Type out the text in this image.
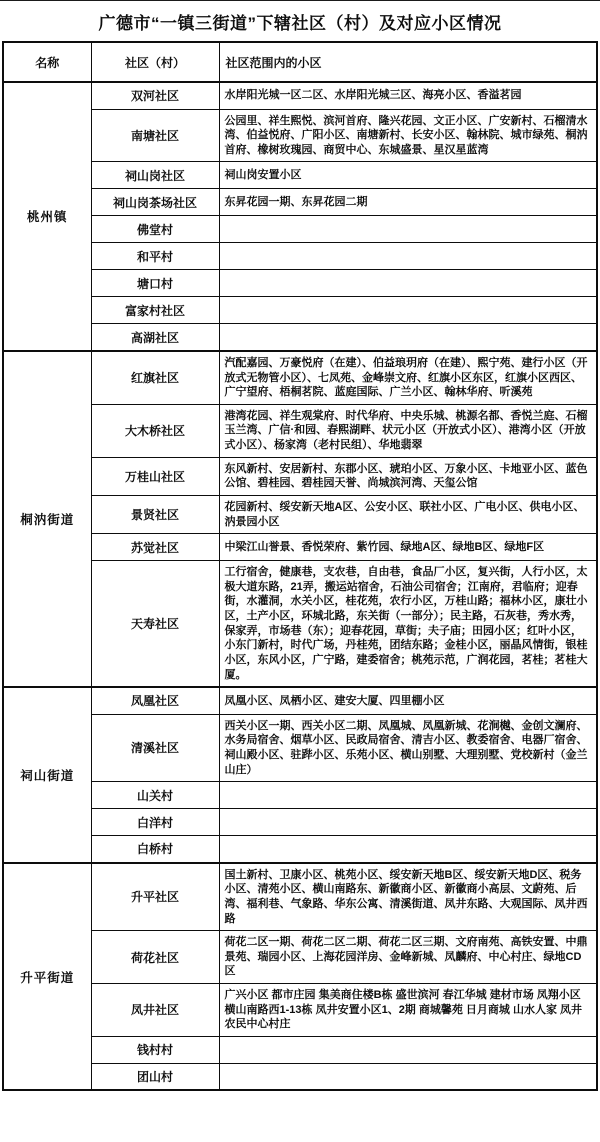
广德市“一镇三街道”下辖社区（村）及对应小区情况
名称	社区（村）	社区范围内的小区
桃州镇	双河社区	水岸阳光城一区二区、水岸阳光城三区、海亮小区、香溢茗园
	南塘社区	公园里、祥生熙悦、滨河首府、隆兴花园、文正小区、广安新村、石榴清水湾、伯益悦府、广阳小区、南塘新村、长安小区、翰林院、城市绿苑、桐汭首府、橡树玫瑰园、商贸中心、东城盛景、星汉星蓝湾
	祠山岗社区	祠山岗安置小区
	祠山岗茶场社区	东昇花园一期、东昇花园二期
	佛堂村	
	和平村	
	塘口村	
	富家村社区	
	高湖社区	
桐汭街道	红旗社区	汽配嘉园、万豪悦府（在建）、伯益琅玥府（在建）、熙宁苑、建行小区（开放式无物管小区）、七凤苑、金峰崇文府、红旗小区东区，红旗小区西区、广宁望府、梧桐茗院、蓝庭国际、广兰小区、翰林华府、听溪苑
	大木桥社区	港湾花园、祥生观棠府、时代华府、中央乐城、桃源名都、香悦兰庭、石榴玉兰湾、广信·和园、春熙湖畔、状元小区（开放式小区）、港湾小区（开放式小区）、杨家湾（老村民组）、华地翡翠
	万桂山社区	东风新村、安居新村、东郡小区、琥珀小区、万象小区、卡地亚小区、蓝色公馆、碧桂园、碧桂园天誉、尚城滨河湾、天玺公馆
	景贤社区	花园新村、绥安新天地A区、公安小区、联社小区、广电小区、供电小区、汭景园小区
	苏觉社区	中梁江山誉景、香悦荣府、紫竹园、绿地A区、绿地B区、绿地F区
	天寿社区	工行宿舍，健康巷，支农巷，自由巷，食品厂小区，复兴街，人行小区，太极大道东路，21弄，搬运站宿舍，石油公司宿舍；江南府，君临府；迎春街，水灌洞，水关小区，桂花苑，农行小区，万桂山路；福林小区，康壮小区，土产小区，环城北路，东关街（一部分）；民主路，石灰巷，秀水秀，保家弄，市场巷（东）；迎春花园，草街；夫子庙；田园小区；红叶小区，小东门新村，时代广场，丹桂苑，团结东路；金桂小区，丽晶风情街，银桂小区，东风小区，广宁路，建委宿舍；桃苑示范，广润花园，茗桂；茗桂大厦。
祠山街道	凤凰社区	凤凰小区、凤栖小区、建安大厦、四里棚小区
	清溪社区	西关小区一期、西关小区二期、凤凰城、凤凰新城、花涧樾、金创文澜府、水务局宿舍、烟草小区、民政局宿舍、清吉小区、教委宿舍、电器厂宿舍、祠山殿小区、驻跸小区、乐苑小区、横山别墅、大理别墅、党校新村（金兰山庄）
	山关村	
	白洋村	
	白桥村	
升平街道	升平社区	国土新村、卫康小区、桃苑小区、绥安新天地B区、绥安新天地D区、税务小区、清苑小区、横山南路东、新徽商小区、新徽商小高层、文蔚苑、后湾、福利巷、气象路、华东公寓、清溪街道、凤井东路、大观国际、凤井西路
	荷花社区	荷花二区一期、荷花二区二期、荷花二区三期、文府南苑、高铁安置、中鼎景苑、瑞园小区、上海花园洋房、金峰新城、凤麟府、中心村庄、绿地CD区
	凤井社区	广兴小区 都市庄园 集美商住楼B栋 盛世滨河 春江华城 建材市场 凤翔小区 横山南路西1-13栋 凤井安置小区1、2期 商城馨苑 日月商城 山水人家 凤井农民中心村庄
	钱村村	
	团山村	
